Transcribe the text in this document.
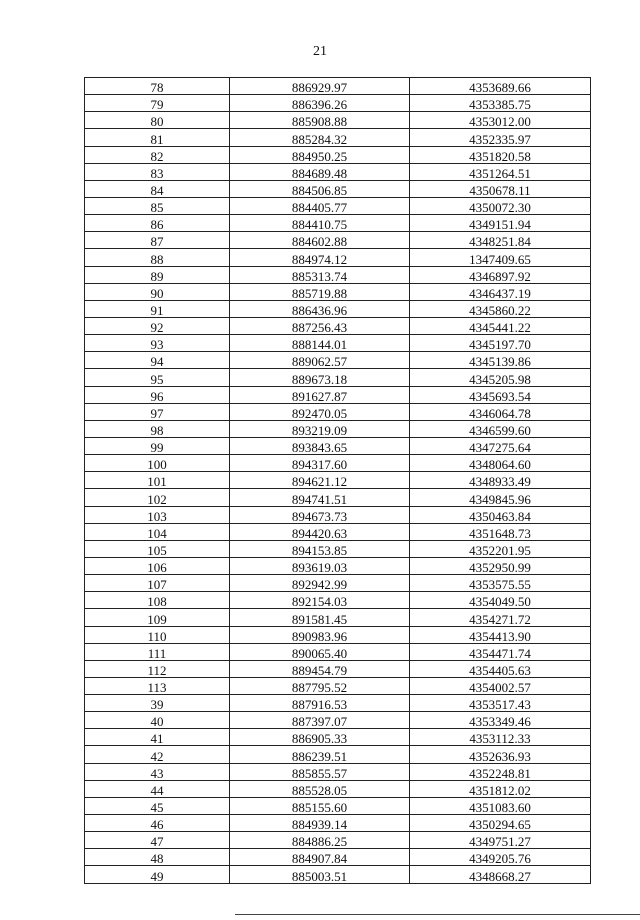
21
78	886929.97	4353689.66
79	886396.26	4353385.75
80	885908.88	4353012.00
81	885284.32	4352335.97
82	884950.25	4351820.58
83	884689.48	4351264.51
84	884506.85	4350678.11
85	884405.77	4350072.30
86	884410.75	4349151.94
87	884602.88	4348251.84
88	884974.12	1347409.65
89	885313.74	4346897.92
90	885719.88	4346437.19
91	886436.96	4345860.22
92	887256.43	4345441.22
93	888144.01	4345197.70
94	889062.57	4345139.86
95	889673.18	4345205.98
96	891627.87	4345693.54
97	892470.05	4346064.78
98	893219.09	4346599.60
99	893843.65	4347275.64
100	894317.60	4348064.60
101	894621.12	4348933.49
102	894741.51	4349845.96
103	894673.73	4350463.84
104	894420.63	4351648.73
105	894153.85	4352201.95
106	893619.03	4352950.99
107	892942.99	4353575.55
108	892154.03	4354049.50
109	891581.45	4354271.72
110	890983.96	4354413.90
111	890065.40	4354471.74
112	889454.79	4354405.63
113	887795.52	4354002.57
39	887916.53	4353517.43
40	887397.07	4353349.46
41	886905.33	4353112.33
42	886239.51	4352636.93
43	885855.57	4352248.81
44	885528.05	4351812.02
45	885155.60	4351083.60
46	884939.14	4350294.65
47	884886.25	4349751.27
48	884907.84	4349205.76
49	885003.51	4348668.27
